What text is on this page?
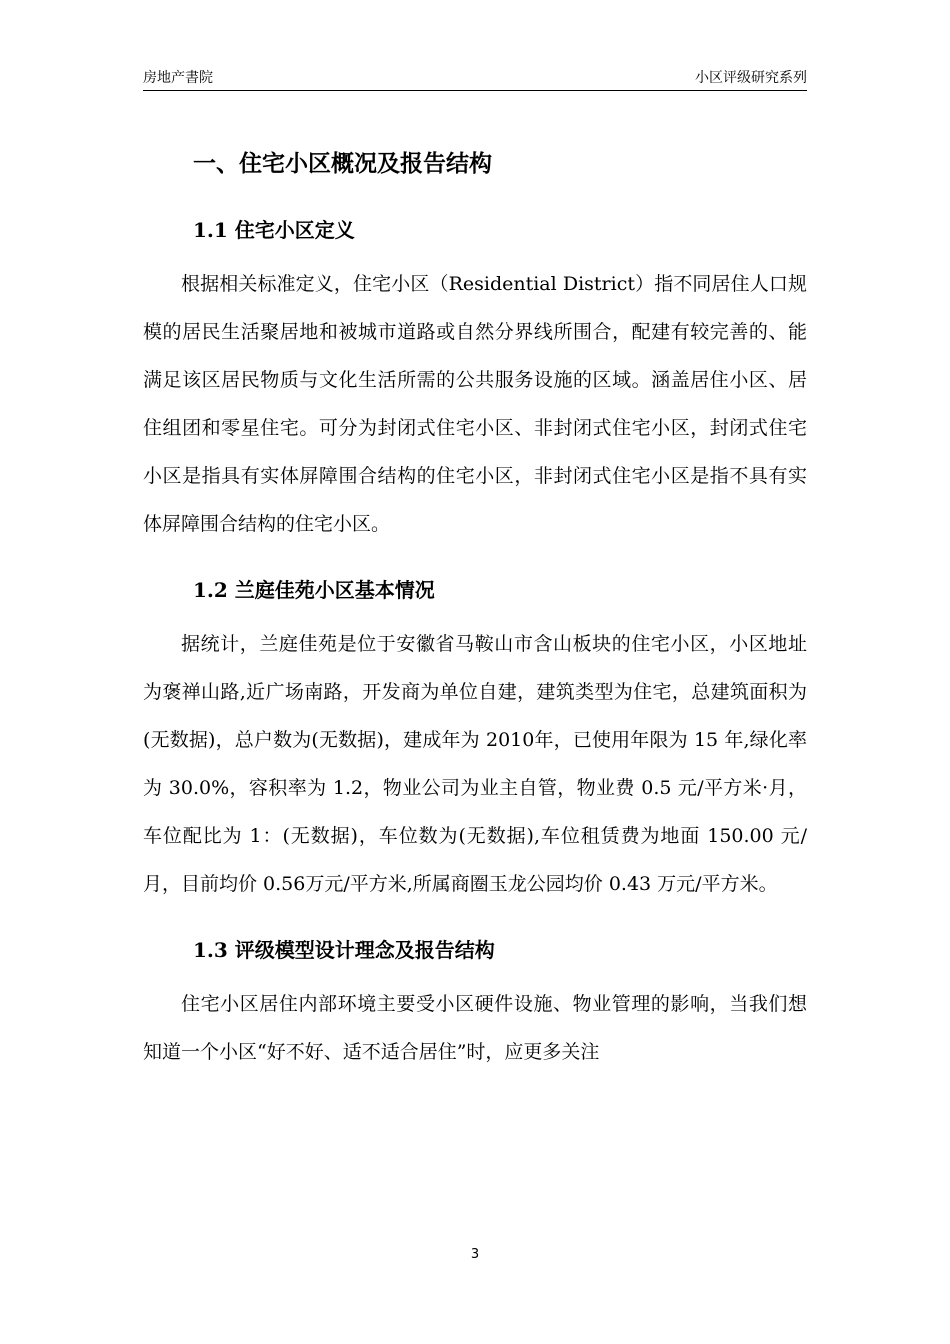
房地产書院	小区评级研究系列
一、住宅小区概况及报告结构
1.1 住宅小区定义

根据相关标准定义，住宅小区（Residential District）指不同居住人口规模的居民生活聚居地和被城市道路或自然分界线所围合，配建有较完善的、能满足该区居民物质与文化生活所需的公共服务设施的区域。涵盖居住小区、居住组团和零星住宅。可分为封闭式住宅小区、非封闭式住宅小区，封闭式住宅小区是指具有实体屏障围合结构的住宅小区，非封闭式住宅小区是指不具有实体屏障围合结构的住宅小区。

1.2 兰庭佳苑小区基本情况

据统计，兰庭佳苑是位于安徽省马鞍山市含山板块的住宅小区，小区地址为褒禅山路,近广场南路，开发商为单位自建，建筑类型为住宅，总建筑面积为(无数据)，总户数为(无数据)，建成年为 2010年，已使用年限为 15 年,绿化率为 30.0%，容积率为 1.2，物业公司为业主自管，物业费 0.5 元/平方米·月，车位配比为 1：(无数据)，车位数为(无数据),车位租赁费为地面 150.00 元/月，目前均价 0.56万元/平方米,所属商圈玉龙公园均价 0.43 万元/平方米。

1.3 评级模型设计理念及报告结构

住宅小区居住内部环境主要受小区硬件设施、物业管理的影响，当我们想知道一个小区“好不好、适不适合居住”时，应更多关注

3
